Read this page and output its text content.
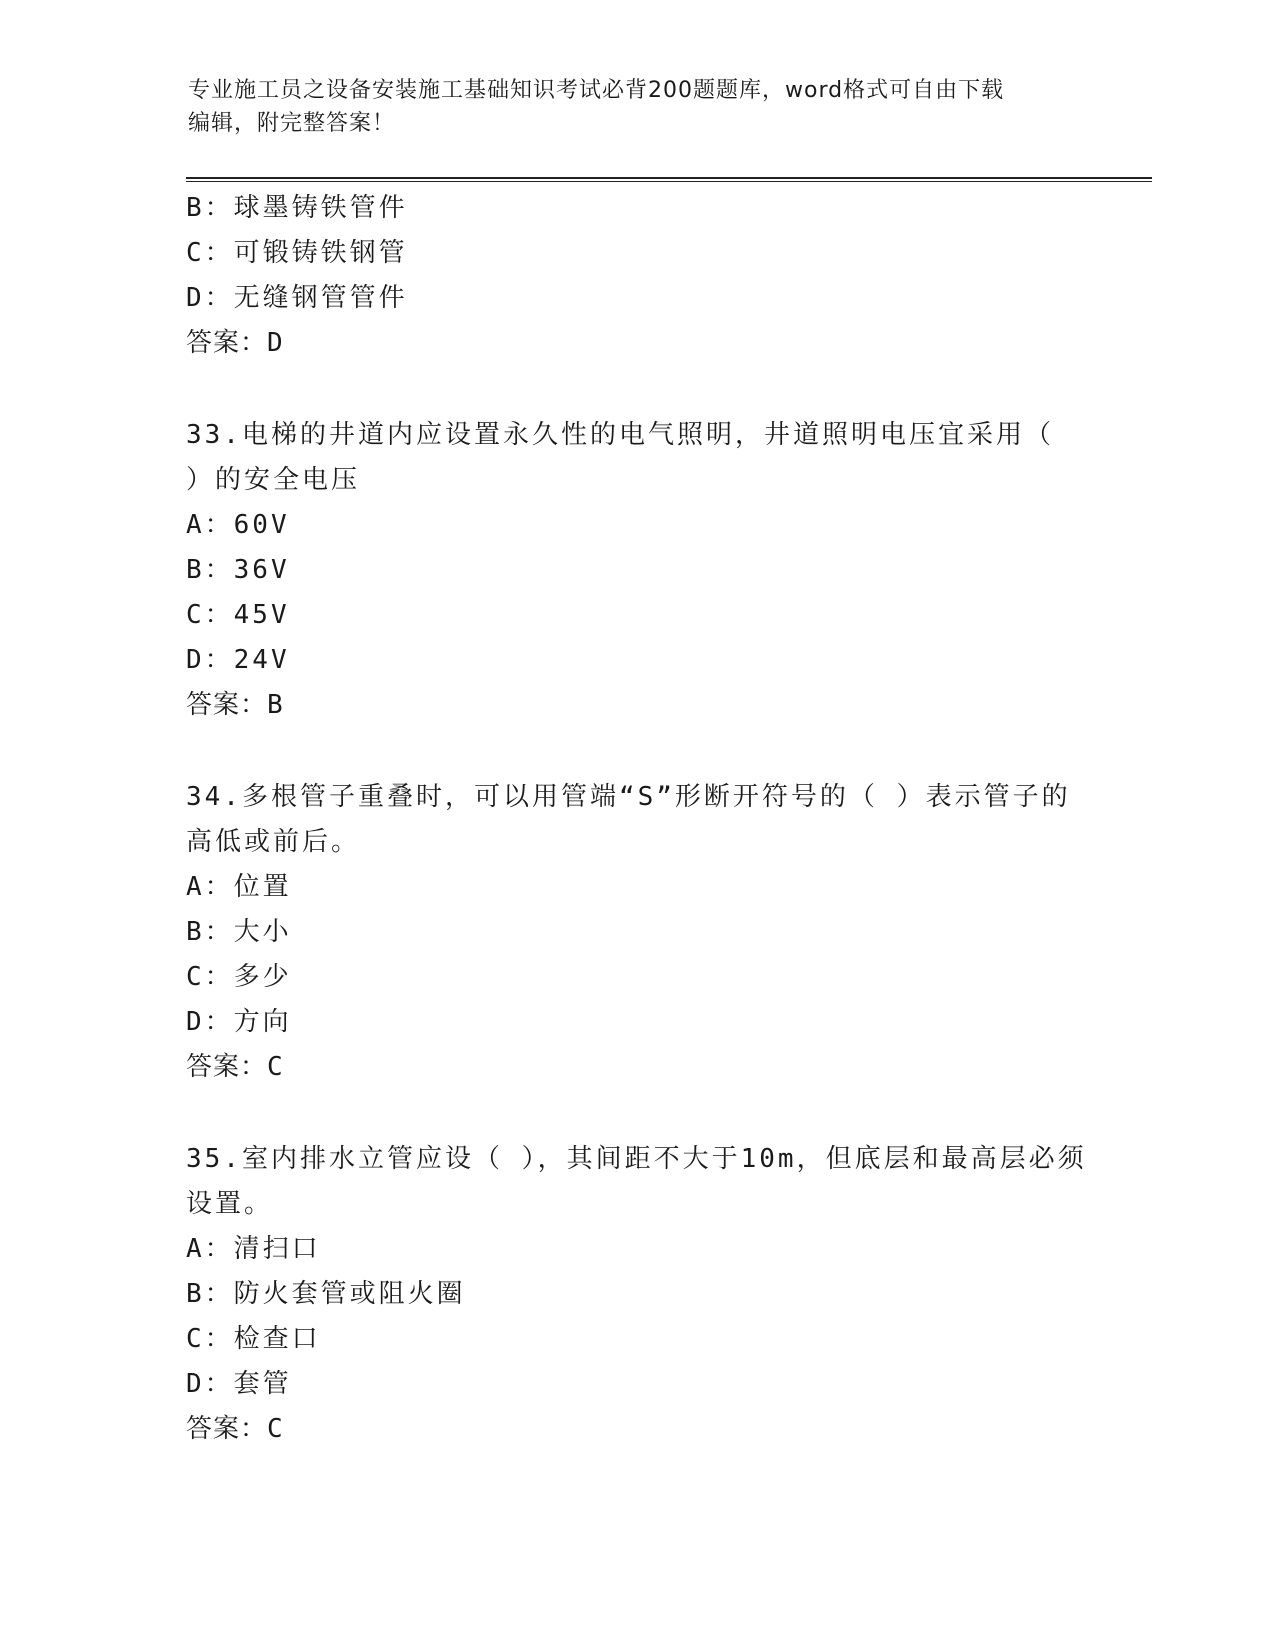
专业施工员之设备安装施工基础知识考试必背200题题库，word格式可自由下载
编辑，附完整答案！
B：球墨铸铁管件
C：可锻铸铁钢管
D：无缝钢管管件
答案：D
33.电梯的井道内应设置永久性的电气照明，井道照明电压宜采用（
）的安全电压
A：60V
B：36V
C：45V
D：24V
答案：B
34.多根管子重叠时，可以用管端“S”形断开符号的（ ）表示管子的
高低或前后。
A：位置
B：大小
C：多少
D：方向
答案：C
35.室内排水立管应设（ ），其间距不大于10m，但底层和最高层必须
设置。
A：清扫口
B：防火套管或阻火圈
C：检查口
D：套管
答案：C
